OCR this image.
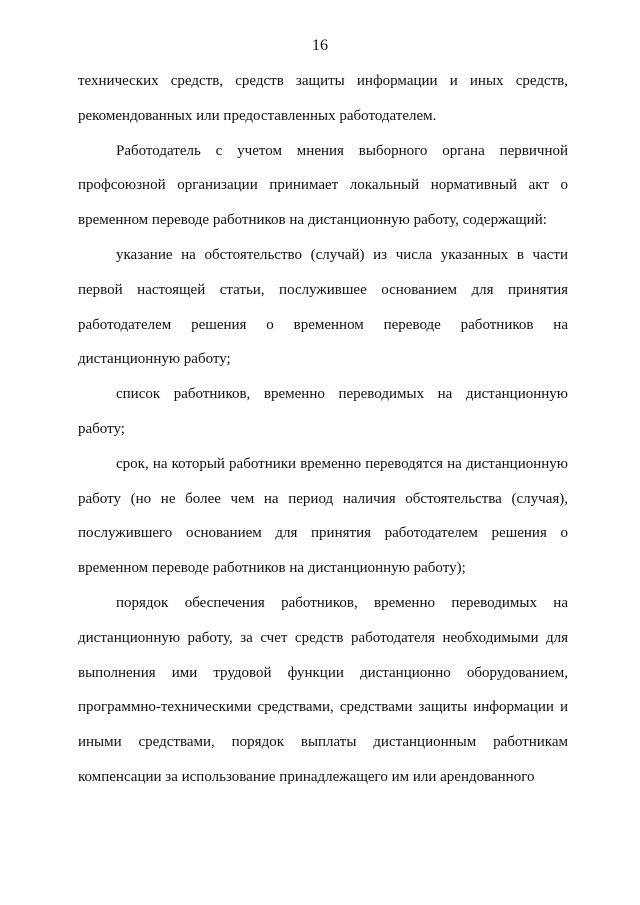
16

технических средств, средств защиты информации и иных средств, рекомендованных или предоставленных работодателем.

Работодатель с учетом мнения выборного органа первичной профсоюзной организации принимает локальный нормативный акт о временном переводе работников на дистанционную работу, содержащий:

указание на обстоятельство (случай) из числа указанных в части первой настоящей статьи, послужившее основанием для принятия работодателем решения о временном переводе работников на дистанционную работу;

список работников, временно переводимых на дистанционную работу;

срок, на который работники временно переводятся на дистанционную работу (но не более чем на период наличия обстоятельства (случая), послужившего основанием для принятия работодателем решения о временном переводе работников на дистанционную работу);

порядок обеспечения работников, временно переводимых на дистанционную работу, за счет средств работодателя необходимыми для выполнения ими трудовой функции дистанционно оборудованием, программно-техническими средствами, средствами защиты информации и иными средствами, порядок выплаты дистанционным работникам компенсации за использование принадлежащего им или арендованного
